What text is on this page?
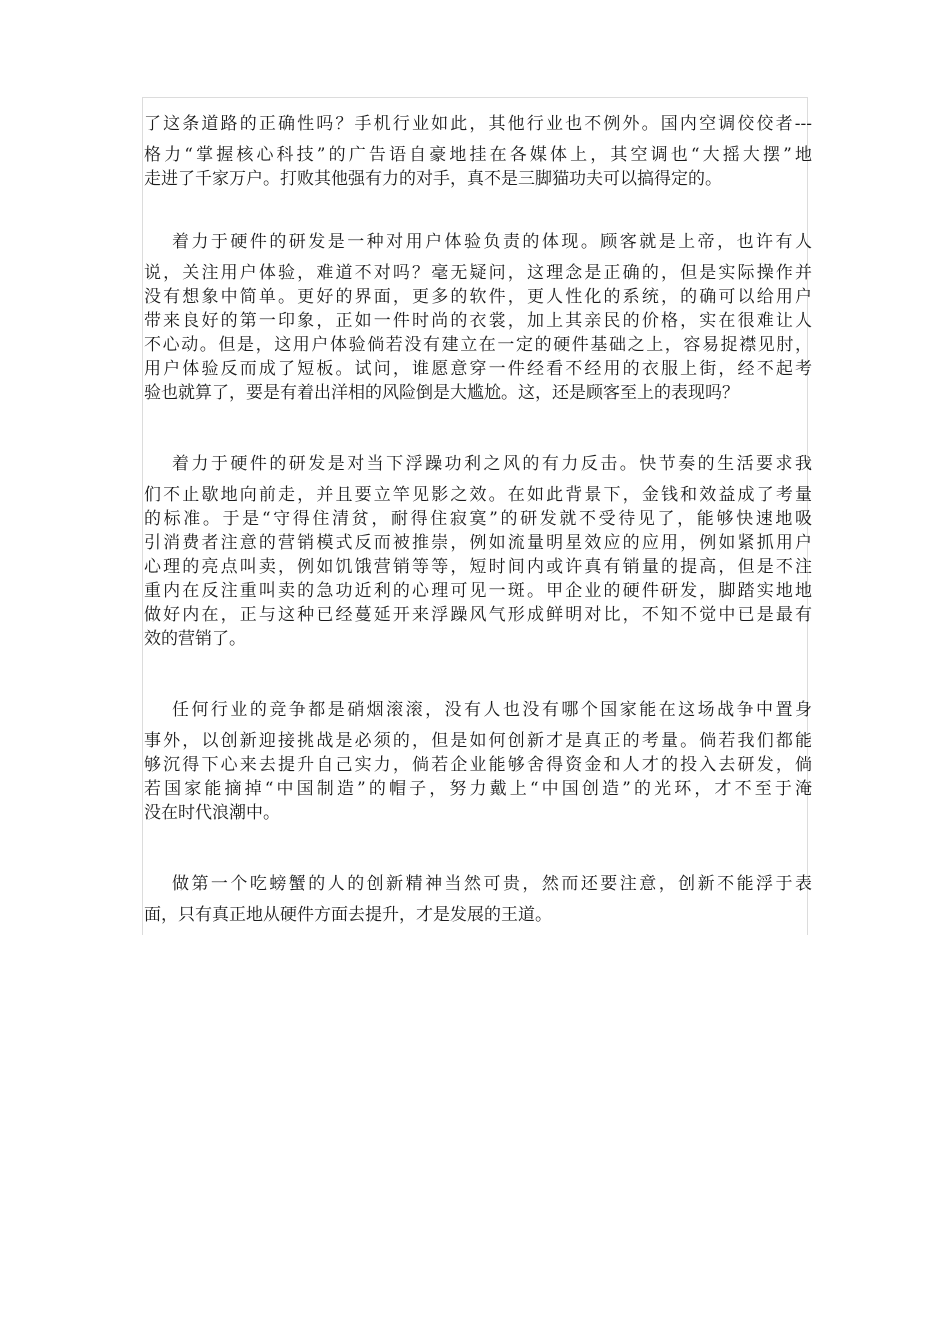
了这条道路的正确性吗？手机行业如此，其他行业也不例外。国内空调佼佼者---
格力“掌握核心科技”的广告语自豪地挂在各媒体上，其空调也“大摇大摆”地
走进了千家万户。打败其他强有力的对手，真不是三脚猫功夫可以搞得定的。
着力于硬件的研发是一种对用户体验负责的体现。顾客就是上帝，也许有人
说，关注用户体验，难道不对吗？毫无疑问，这理念是正确的，但是实际操作并
没有想象中简单。更好的界面，更多的软件，更人性化的系统，的确可以给用户
带来良好的第一印象，正如一件时尚的衣裳，加上其亲民的价格，实在很难让人
不心动。但是，这用户体验倘若没有建立在一定的硬件基础之上，容易捉襟见肘，
用户体验反而成了短板。试问，谁愿意穿一件经看不经用的衣服上街，经不起考
验也就算了，要是有着出洋相的风险倒是大尴尬。这，还是顾客至上的表现吗？
着力于硬件的研发是对当下浮躁功利之风的有力反击。快节奏的生活要求我
们不止歇地向前走，并且要立竿见影之效。在如此背景下，金钱和效益成了考量
的标准。于是“守得住清贫，耐得住寂寞”的研发就不受待见了，能够快速地吸
引消费者注意的营销模式反而被推崇，例如流量明星效应的应用，例如紧抓用户
心理的亮点叫卖，例如饥饿营销等等，短时间内或许真有销量的提高，但是不注
重内在反注重叫卖的急功近利的心理可见一斑。甲企业的硬件研发，脚踏实地地
做好内在，正与这种已经蔓延开来浮躁风气形成鲜明对比，不知不觉中已是最有
效的营销了。
任何行业的竞争都是硝烟滚滚，没有人也没有哪个国家能在这场战争中置身
事外，以创新迎接挑战是必须的，但是如何创新才是真正的考量。倘若我们都能
够沉得下心来去提升自己实力，倘若企业能够舍得资金和人才的投入去研发，倘
若国家能摘掉“中国制造”的帽子，努力戴上“中国创造”的光环，才不至于淹
没在时代浪潮中。
做第一个吃螃蟹的人的创新精神当然可贵，然而还要注意，创新不能浮于表
面，只有真正地从硬件方面去提升，才是发展的王道。
